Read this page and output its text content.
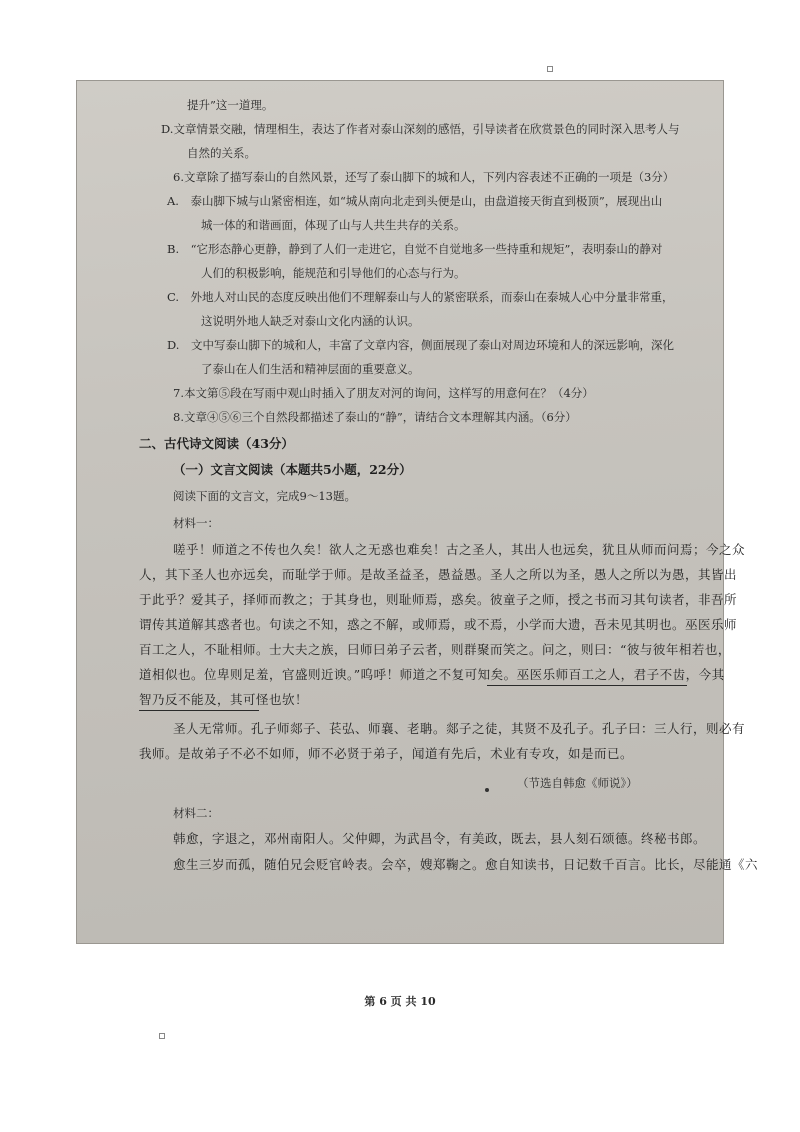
提升”这一道理。
D.文章情景交融，情理相生，表达了作者对泰山深刻的感悟，引导读者在欣赏景色的同时深入思考人与
自然的关系。
6.文章除了描写泰山的自然风景，还写了泰山脚下的城和人，下列内容表述不正确的一项是（3分）
A.　泰山脚下城与山紧密相连，如“城从南向北走到头便是山，由盘道接天街直到极顶”，展现出山
城一体的和谐画面，体现了山与人共生共存的关系。
B.　“它形态静心更静，静到了人们一走进它，自觉不自觉地多一些持重和规矩”，表明泰山的静对
人们的积极影响，能规范和引导他们的心态与行为。
C.　外地人对山民的态度反映出他们不理解泰山与人的紧密联系，而泰山在泰城人心中分量非常重，
这说明外地人缺乏对泰山文化内涵的认识。
D.　文中写泰山脚下的城和人，丰富了文章内容，侧面展现了泰山对周边环境和人的深远影响，深化
了泰山在人们生活和精神层面的重要意义。
7.本文第⑤段在写雨中观山时插入了朋友对河的询问，这样写的用意何在？（4分）
8.文章④⑤⑥三个自然段都描述了泰山的“静”，请结合文本理解其内涵。（6分）
二、古代诗文阅读（43分）
（一）文言文阅读（本题共5小题，22分）
阅读下面的文言文，完成9～13题。
材料一：
嗟乎！师道之不传也久矣！欲人之无惑也难矣！古之圣人，其出人也远矣，犹且从师而问焉；今之众
人，其下圣人也亦远矣，而耻学于师。是故圣益圣，愚益愚。圣人之所以为圣，愚人之所以为愚，其皆出
于此乎？爱其子，择师而教之；于其身也，则耻师焉，惑矣。彼童子之师，授之书而习其句读者，非吾所
谓传其道解其惑者也。句读之不知，惑之不解，或师焉，或不焉，小学而大遗，吾未见其明也。巫医乐师
百工之人，不耻相师。士大夫之族，曰师曰弟子云者，则群聚而笑之。问之，则曰：“彼与彼年相若也，
道相似也。位卑则足羞，官盛则近谀。”呜呼！师道之不复可知矣。巫医乐师百工之人，君子不齿，今其
智乃反不能及，其可怪也欤！
圣人无常师。孔子师郯子、苌弘、师襄、老聃。郯子之徒，其贤不及孔子。孔子曰：三人行，则必有
我师。是故弟子不必不如师，师不必贤于弟子，闻道有先后，术业有专攻，如是而已。
（节选自韩愈《师说》）
材料二：
韩愈，字退之，邓州南阳人。父仲卿，为武昌令，有美政，既去，县人刻石颂德。终秘书郎。
愈生三岁而孤，随伯兄会贬官岭表。会卒，嫂郑鞠之。愈自知读书，日记数千百言。比长，尽能通《六
第 6 页 共 10
